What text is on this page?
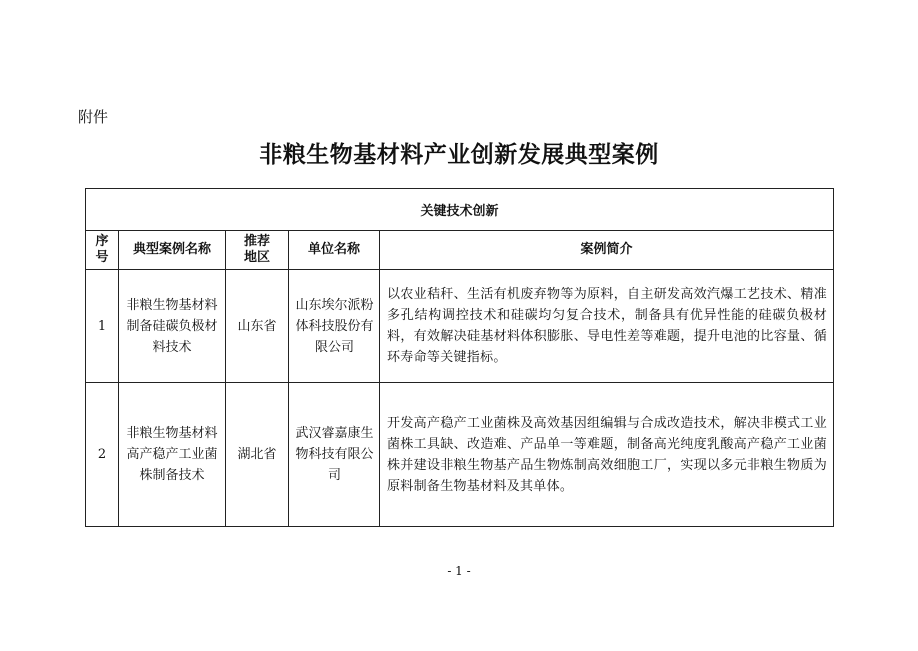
附件
非粮生物基材料产业创新发展典型案例
关键技术创新				

序号	典型案例名称	推荐地区	单位名称	案例简介
1	非粮生物基材料制备硅碳负极材料技术	山东省	山东埃尔派粉体科技股份有限公司	以农业秸秆、生活有机废弃物等为原料，自主研发高效汽爆工艺技术、精准多孔结构调控技术和硅碳均匀复合技术，制备具有优异性能的硅碳负极材料，有效解决硅基材料体积膨胀、导电性差等难题，提升电池的比容量、循环寿命等关键指标。
2	非粮生物基材料高产稳产工业菌株制备技术	湖北省	武汉睿嘉康生物科技有限公司	开发高产稳产工业菌株及高效基因组编辑与合成改造技术，解决非模式工业菌株工具缺、改造难、产品单一等难题，制备高光纯度乳酸高产稳产工业菌株并建设非粮生物基产品生物炼制高效细胞工厂，实现以多元非粮生物质为原料制备生物基材料及其单体。
- 1 -
